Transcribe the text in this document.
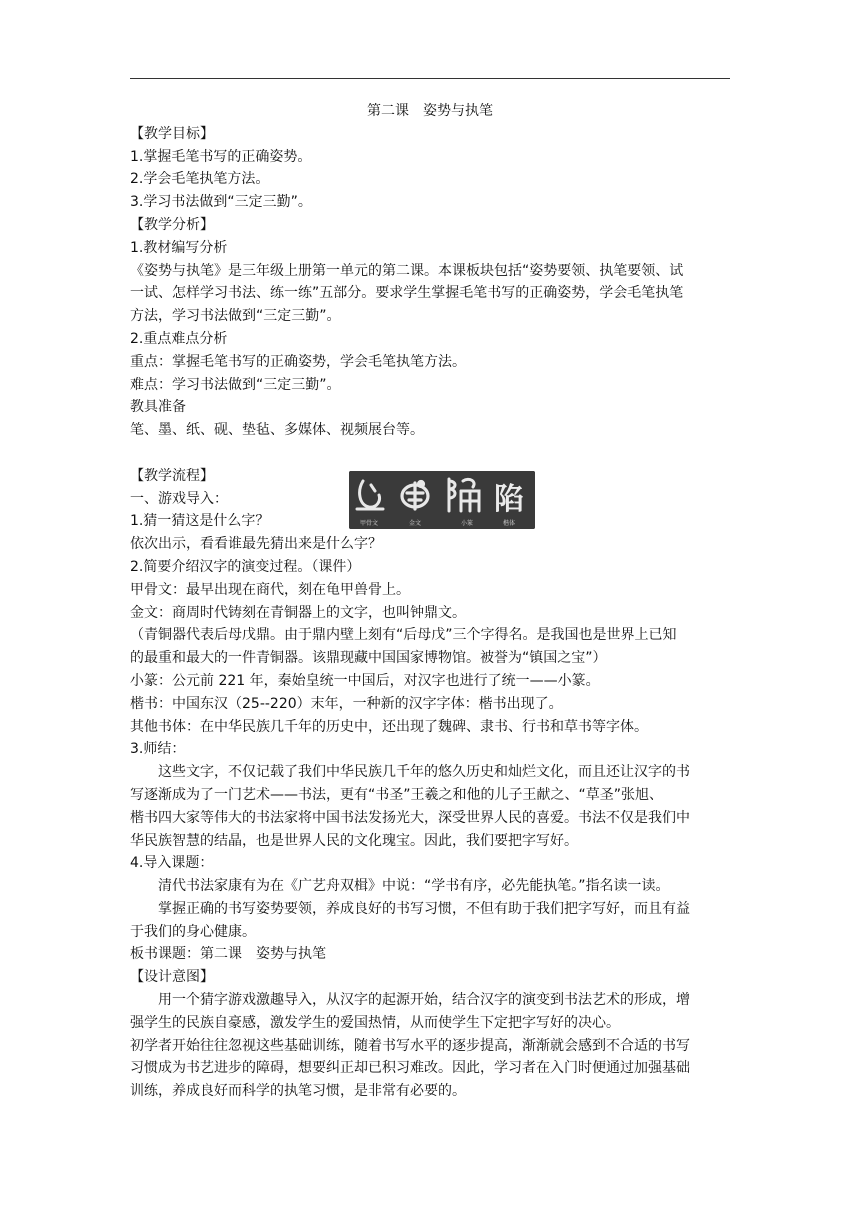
第二课　姿势与执笔
【教学目标】
1.掌握毛笔书写的正确姿势。
2.学会毛笔执笔方法。
3.学习书法做到“三定三勤”。
【教学分析】
1.教材编写分析
《姿势与执笔》是三年级上册第一单元的第二课。本课板块包括“姿势要领、执笔要领、试
一试、怎样学习书法、练一练”五部分。要求学生掌握毛笔书写的正确姿势，学会毛笔执笔
方法，学习书法做到“三定三勤”。
2.重点难点分析
重点：掌握毛笔书写的正确姿势，学会毛笔执笔方法。
难点：学习书法做到“三定三勤”。
教具准备
笔、墨、纸、砚、垫毡、多媒体、视频展台等。
【教学流程】
一、游戏导入：
1.猜一猜这是什么字？
依次出示，看看谁最先猜出来是什么字？
2.简要介绍汉字的演变过程。（课件）
甲骨文：最早出现在商代，刻在龟甲兽骨上。
金文：商周时代铸刻在青铜器上的文字，也叫钟鼎文。
（青铜器代表后母戊鼎。由于鼎内壁上刻有“后母戊”三个字得名。是我国也是世界上已知
的最重和最大的一件青铜器。该鼎现藏中国国家博物馆。被誉为“镇国之宝”）
小篆：公元前 221 年，秦始皇统一中国后，对汉字也进行了统一——小篆。
楷书：中国东汉（25--220）末年，一种新的汉字字体：楷书出现了。
其他书体：在中华民族几千年的历史中，还出现了魏碑、隶书、行书和草书等字体。
3.师结：
这些文字，不仅记载了我们中华民族几千年的悠久历史和灿烂文化，而且还让汉字的书
写逐渐成为了一门艺术——书法，更有“书圣”王羲之和他的儿子王献之、“草圣”张旭、
楷书四大家等伟大的书法家将中国书法发扬光大，深受世界人民的喜爱。书法不仅是我们中
华民族智慧的结晶，也是世界人民的文化瑰宝。因此，我们要把字写好。
4.导入课题：
清代书法家康有为在《广艺舟双楫》中说：“学书有序，必先能执笔。”指名读一读。
掌握正确的书写姿势要领，养成良好的书写习惯，不但有助于我们把字写好，而且有益
于我们的身心健康。
板书课题：第二课　姿势与执笔
【设计意图】
用一个猜字游戏激趣导入，从汉字的起源开始，结合汉字的演变到书法艺术的形成，增
强学生的民族自豪感，激发学生的爱国热情，从而使学生下定把字写好的决心。
初学者开始往往忽视这些基础训练，随着书写水平的逐步提高，渐渐就会感到不合适的书写
习惯成为书艺进步的障碍，想要纠正却已积习难改。因此，学习者在入门时便通过加强基础
训练，养成良好而科学的执笔习惯，是非常有必要的。
陷
甲骨文	金文	小篆	楷体
